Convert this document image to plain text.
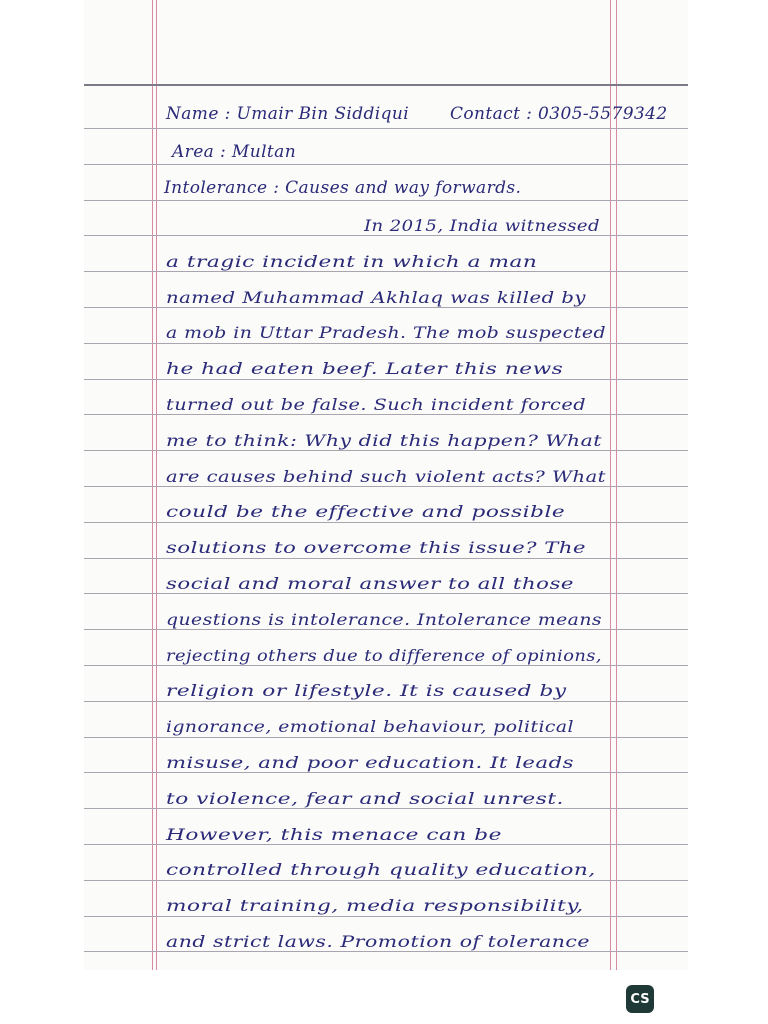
Name : Umair Bin Siddiqui Contact : 0305-5579342
Area : Multan
Intolerance : Causes and way forwards.
In 2015, India witnessed
a tragic incident in which a man
named Muhammad Akhlaq was killed by
a mob in Uttar Pradesh. The mob suspected
he had eaten beef. Later this news
turned out be false. Such incident forced
me to think: Why did this happen? What
are causes behind such violent acts? What
could be the effective and possible
solutions to overcome this issue? The
social and moral answer to all those
questions is intolerance. Intolerance means
rejecting others due to difference of opinions,
religion or lifestyle. It is caused by
ignorance, emotional behaviour, political
misuse, and poor education. It leads
to violence, fear and social unrest.
However, this menace can be
controlled through quality education,
moral training, media responsibility,
and strict laws. Promotion of tolerance
CS
